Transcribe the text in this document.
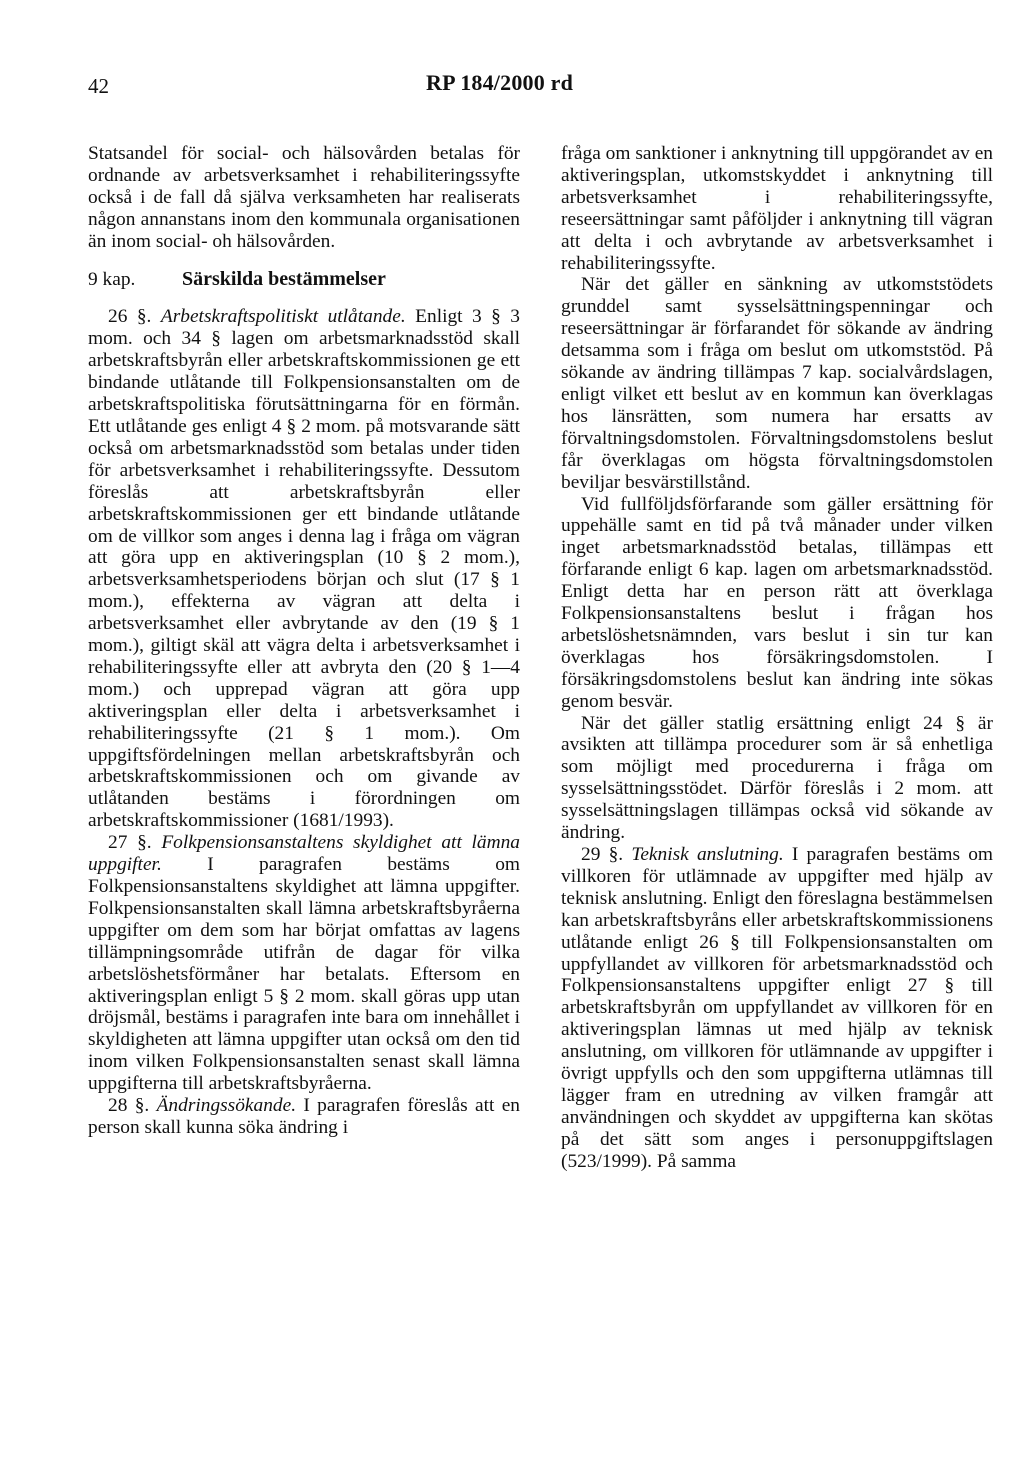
42	RP 184/2000 rd

Statsandel för social- och hälsovården betalas för ordnande av arbetsverksamhet i rehabiliteringssyfte också i de fall då själva verksamheten har realiserats någon annanstans inom den kommunala organisationen än inom social- oh hälsovården.

9 kap.	Särskilda bestämmelser

26 §. Arbetskraftspolitiskt utlåtande. Enligt 3 § 3 mom. och 34 § lagen om arbetsmarknadsstöd skall arbetskraftsbyrån eller arbetskraftskommissionen ge ett bindande utlåtande till Folkpensionsanstalten om de arbetskraftspolitiska förutsättningarna för en förmån. Ett utlåtande ges enligt 4 § 2 mom. på motsvarande sätt också om arbetsmarknadsstöd som betalas under tiden för arbetsverksamhet i rehabiliteringssyfte. Dessutom föreslås att arbetskraftsbyrån eller arbetskraftskommissionen ger ett bindande utlåtande om de villkor som anges i denna lag i fråga om vägran att göra upp en aktiveringsplan (10 § 2 mom.), arbetsverksamhetsperiodens början och slut (17 § 1 mom.), effekterna av vägran att delta i arbetsverksamhet eller avbrytande av den (19 § 1 mom.), giltigt skäl att vägra delta i arbetsverksamhet i rehabiliteringssyfte eller att avbryta den (20 § 1—4 mom.) och upprepad vägran att göra upp aktiveringsplan eller delta i arbetsverksamhet i rehabiliteringssyfte (21 § 1 mom.). Om uppgiftsfördelningen mellan arbetskraftsbyrån och arbetskraftskommissionen och om givande av utlåtanden bestäms i förordningen om arbetskraftskommissioner (1681/1993).

27 §. Folkpensionsanstaltens skyldighet att lämna uppgifter. I paragrafen bestäms om Folkpensionsanstaltens skyldighet att lämna uppgifter. Folkpensionsanstalten skall lämna arbetskraftsbyråerna uppgifter om dem som har börjat omfattas av lagens tillämpningsområde utifrån de dagar för vilka arbetslöshetsförmåner har betalats. Eftersom en aktiveringsplan enligt 5 § 2 mom. skall göras upp utan dröjsmål, bestäms i paragrafen inte bara om innehållet i skyldigheten att lämna uppgifter utan också om den tid inom vilken Folkpensionsanstalten senast skall lämna uppgifterna till arbetskraftsbyråerna.

28 §. Ändringssökande. I paragrafen föreslås att en person skall kunna söka ändring i

fråga om sanktioner i anknytning till uppgörandet av en aktiveringsplan, utkomstskyddet i anknytning till arbetsverksamhet i rehabiliteringssyfte, reseersättningar samt påföljder i anknytning till vägran att delta i och avbrytande av arbetsverksamhet i rehabiliteringssyfte.

När det gäller en sänkning av utkomststödets grunddel samt sysselsättningspenningar och reseersättningar är förfarandet för sökande av ändring detsamma som i fråga om beslut om utkomststöd. På sökande av ändring tillämpas 7 kap. socialvårdslagen, enligt vilket ett beslut av en kommun kan överklagas hos länsrätten, som numera har ersatts av förvaltningsdomstolen. Förvaltningsdomstolens beslut får överklagas om högsta förvaltningsdomstolen beviljar besvärstillstånd.

Vid fullföljdsförfarande som gäller ersättning för uppehälle samt en tid på två månader under vilken inget arbetsmarknadsstöd betalas, tillämpas ett förfarande enligt 6 kap. lagen om arbetsmarknadsstöd. Enligt detta har en person rätt att överklaga Folkpensionsanstaltens beslut i frågan hos arbetslöshetsnämnden, vars beslut i sin tur kan överklagas hos försäkringsdomstolen. I försäkringsdomstolens beslut kan ändring inte sökas genom besvär.

När det gäller statlig ersättning enligt 24 § är avsikten att tillämpa procedurer som är så enhetliga som möjligt med procedurerna i fråga om sysselsättningsstödet. Därför föreslås i 2 mom. att sysselsättningslagen tillämpas också vid sökande av ändring.

29 §. Teknisk anslutning. I paragrafen bestäms om villkoren för utlämnade av uppgifter med hjälp av teknisk anslutning. Enligt den föreslagna bestämmelsen kan arbetskraftsbyråns eller arbetskraftskommissionens utlåtande enligt 26 § till Folkpensionsanstalten om uppfyllandet av villkoren för arbetsmarknadsstöd och Folkpensionsanstaltens uppgifter enligt 27 § till arbetskraftsbyrån om uppfyllandet av villkoren för en aktiveringsplan lämnas ut med hjälp av teknisk anslutning, om villkoren för utlämnande av uppgifter i övrigt uppfylls och den som uppgifterna utlämnas till lägger fram en utredning av vilken framgår att användningen och skyddet av uppgifterna kan skötas på det sätt som anges i personuppgiftslagen (523/1999). På samma
